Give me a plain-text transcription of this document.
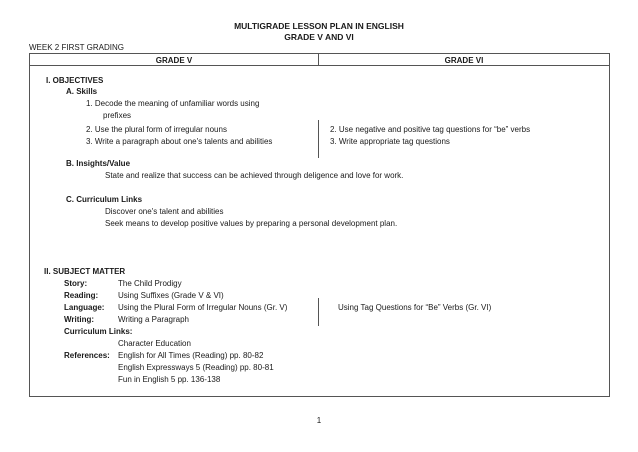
MULTIGRADE LESSON PLAN IN ENGLISH
GRADE V AND VI
WEEK 2 FIRST GRADING
GRADE V	GRADE VI
I. OBJECTIVES
A. Skills
1. Decode the meaning of unfamiliar words using
prefixes
2. Use the plural form of irregular nouns
3. Write a paragraph about one's talents and abilities
2. Use negative and positive tag questions for “be” verbs
3. Write appropriate tag questions
B. Insights/Value
State and realize that success can be achieved through deligence and love for work.
C. Curriculum Links
Discover one's talent and abilities
Seek means to develop positive values by preparing a personal development plan.
II. SUBJECT MATTER
Story:	The Child Prodigy
Reading: Using Suffixes (Grade V & VI)
Language: Using the Plural Form of Irregular Nouns (Gr. V)	Using Tag Questions for “Be” Verbs (Gr. VI)
Writing:	Writing a Paragraph
Curriculum Links:
Character Education
References: English for All Times (Reading) pp. 80-82
English Expressways 5 (Reading) pp. 80-81
Fun in English 5 pp. 136-138
1
